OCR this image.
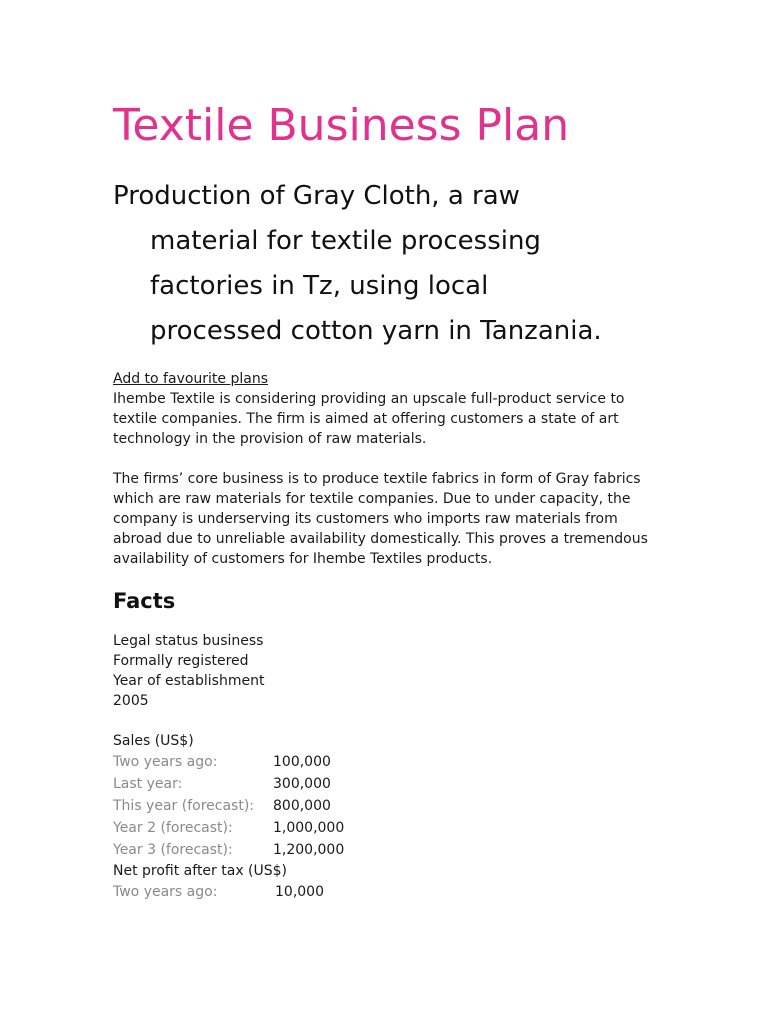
Textile Business Plan
Production of Gray Cloth, a raw
material for textile processing
factories in Tz, using local
processed cotton yarn in Tanzania.
Add to favourite plans
Ihembe Textile is considering providing an upscale full-product service to
textile companies. The firm is aimed at offering customers a state of art
technology in the provision of raw materials.
The firms’ core business is to produce textile fabrics in form of Gray fabrics
which are raw materials for textile companies. Due to under capacity, the
company is underserving its customers who imports raw materials from
abroad due to unreliable availability domestically. This proves a tremendous
availability of customers for Ihembe Textiles products.
Facts
Legal status business
Formally registered
Year of establishment
2005
Sales (US$)
Two years ago:	100,000
Last year:	300,000
This year (forecast): 800,000
Year 2 (forecast):	1,000,000
Year 3 (forecast):	1,200,000
Net profit after tax (US$)
Two years ago:	10,000
